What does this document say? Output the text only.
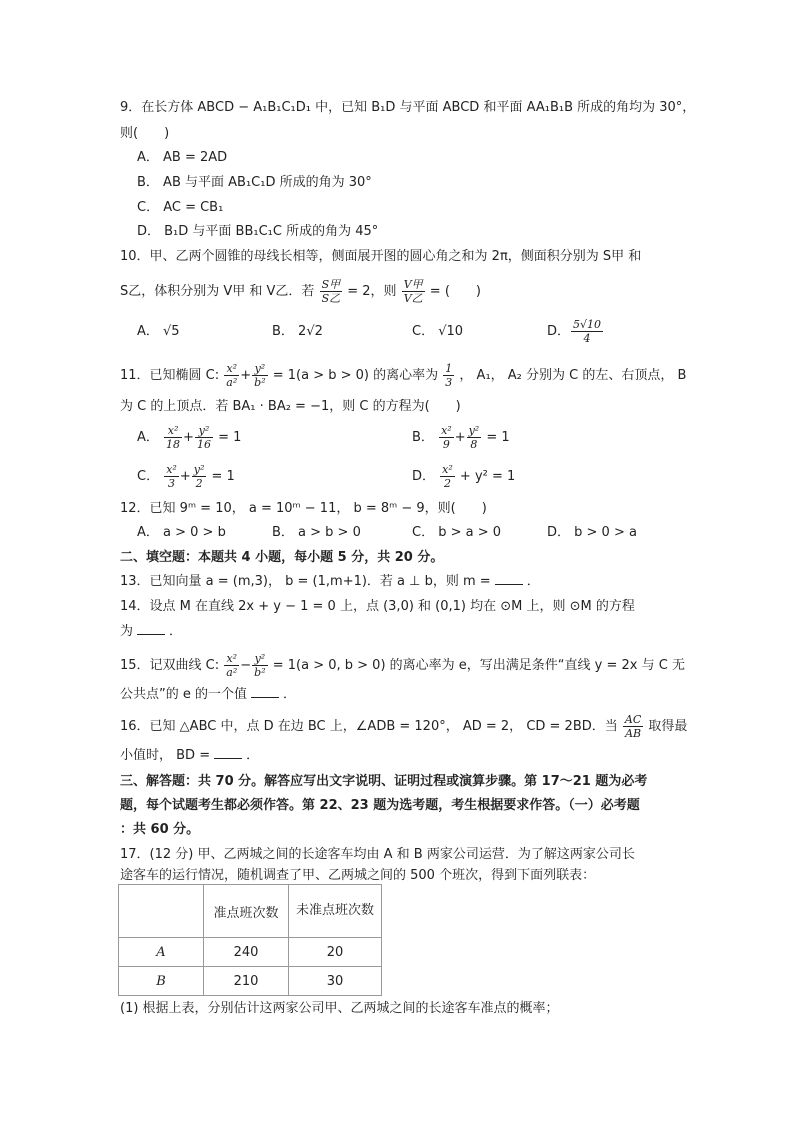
9．在长方体 ABCD − A₁B₁C₁D₁ 中，已知 B₁D 与平面 ABCD 和平面 AA₁B₁B 所成的角均为 30°，
则(　　)
A． AB = 2AD
B． AB 与平面 AB₁C₁D 所成的角为 30°
C． AC = CB₁
D． B₁D 与平面 BB₁C₁C 所成的角为 45°
10．甲、乙两个圆锥的母线长相等，侧面展开图的圆心角之和为 2π，侧面积分别为 S甲 和
S乙，体积分别为 V甲 和 V乙．若 $\frac{\text{S甲}}{\text{S乙}} = 2$，则 $\frac{\text{V甲}}{\text{V乙}}$ = (　　)
A． √5	B． 2√2	C． √10	D． $\frac{5√10}{4}$
11．已知椭圆 C: $\frac{\text{x²}}{\text{a²}} + \frac{\text{y²}}{\text{b²}} = 1(a > b > 0)$ 的离心率为 $\frac{1}{3}$ ， A₁， A₂ 分别为 C 的左、右顶点， B
为 C 的上顶点．若 BA₁ · BA₂ = −1，则 C 的方程为(　　)
A． $\frac{\text{x²}}{18} + \frac{\text{y²}}{16} = 1$	B． $\frac{\text{x²}}{9} + \frac{\text{y²}}{8} = 1$
C． $\frac{\text{x²}}{3} + \frac{\text{y²}}{2} = 1$	D． $\frac{\text{x²}}{2} + y^2 = 1$
12．已知 9ᵐ = 10， a = 10ᵐ − 11， b = 8ᵐ − 9，则(　　)
A． a > 0 > b	B． a > b > 0	C． b > a > 0	D． b > 0 > a
二、填空题：本题共 4 小题，每小题 5 分，共 20 分。
13．已知向量 a = (m,3)， b = (1,m+1)．若 a ⊥ b，则 m =	．
14．设点 M 在直线 2x + y − 1 = 0 上，点 (3,0) 和 (0,1) 均在 ⊙M 上，则 ⊙M 的方程
为	．
15．记双曲线 C: $\frac{\text{x²}}{\text{a²}} - \frac{\text{y²}}{\text{b²}} = 1(a > 0$, b > 0) 的离心率为 e，写出满足条件“直线 y = 2x 与 C 无
公共点”的 e 的一个值	．
16．已知 △ABC 中，点 D 在边 BC 上，∠ADB = 120°， AD = 2， CD = 2BD．当 $\frac{AC}{AB}$ 取得最
小值时， BD =	．
三、解答题：共 70 分。解答应写出文字说明、证明过程或演算步骤。第 17～21 题为必考
题，每个试题考生都必须作答。第 22、23 题为选考题，考生根据要求作答。（一）必考题
：共 60 分。
17．(12 分) 甲、乙两城之间的长途客车均由 A 和 B 两家公司运营．为了解这两家公司长
途客车的运行情况，随机调查了甲、乙两城之间的 500 个班次，得到下面列联表：
	准点班次数	未准点班次数
A	240	20
B	210	30
(1) 根据上表，分别估计这两家公司甲、乙两城之间的长途客车准点的概率；
